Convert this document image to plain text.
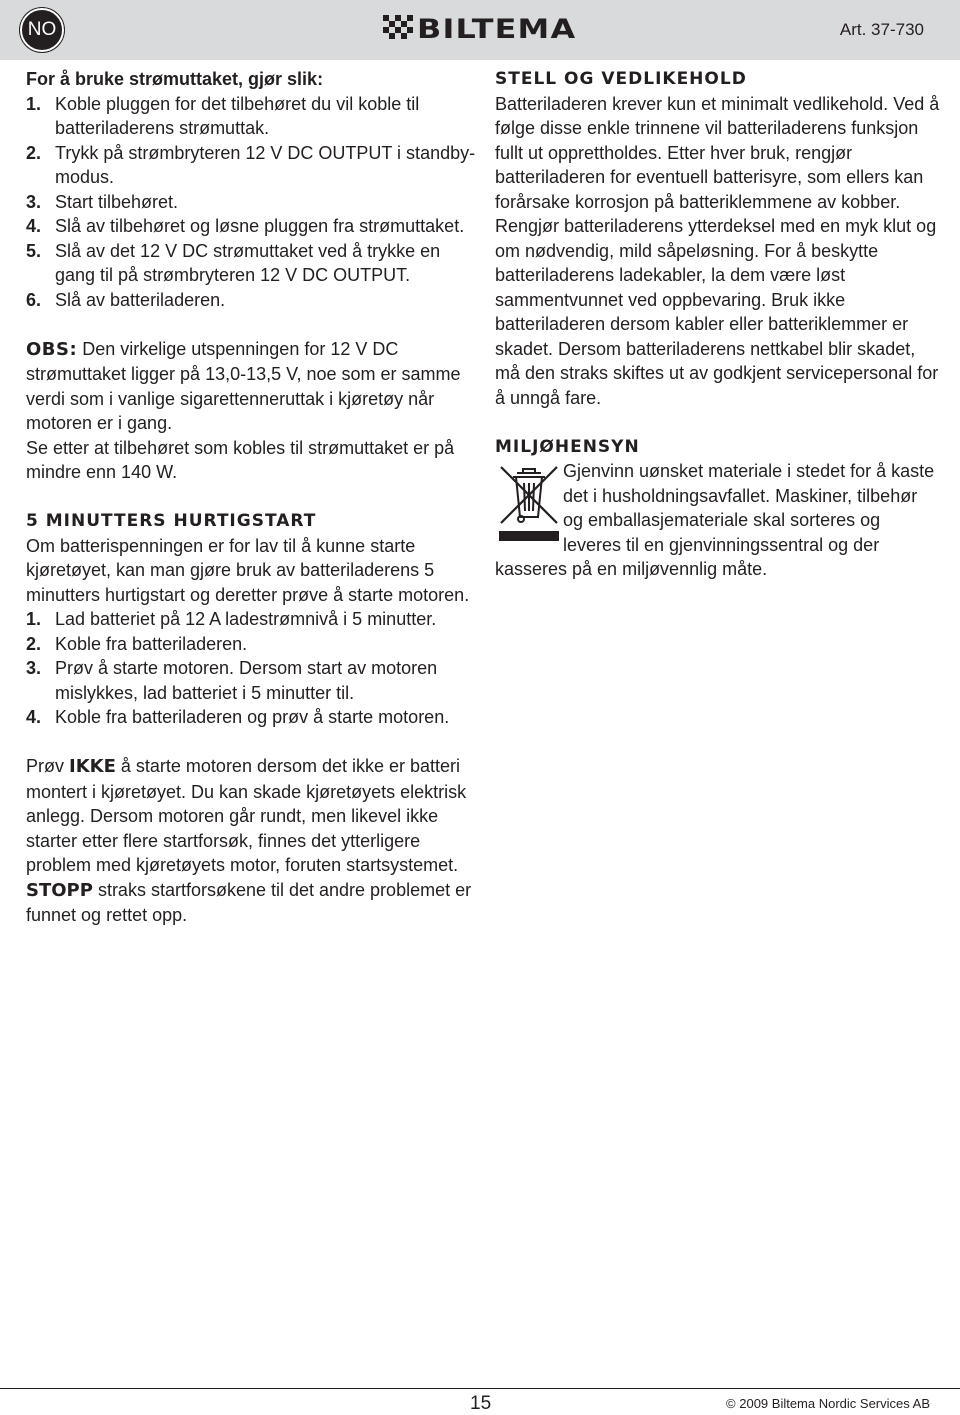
NO	BILTEMA	Art. 37-730

For å bruke strømuttaket, gjør slik:

1. Koble pluggen for det tilbehøret du vil koble til batteriladerens strømuttak.
2. Trykk på strømbryteren 12 V DC OUTPUT i standby-modus.
3. Start tilbehøret.
4. Slå av tilbehøret og løsne pluggen fra strømuttaket.
5. Slå av det 12 V DC strømuttaket ved å trykke en gang til på strømbryteren 12 V DC OUTPUT.
6. Slå av batteriladeren.

OBS: Den virkelige utspenningen for 12 V DC strømuttaket ligger på 13,0-13,5 V, noe som er samme verdi som i vanlige sigarettenneruttak i kjøretøy når motoren er i gang.

Se etter at tilbehøret som kobles til strømuttaket er på mindre enn 140 W.

5 MINUTTERS HURTIGSTART

Om batterispenningen er for lav til å kunne starte kjøretøyet, kan man gjøre bruk av batteriladerens 5 minutters hurtigstart og deretter prøve å starte motoren.

1. Lad batteriet på 12 A ladestrømnivå i 5 minutter.
2. Koble fra batteriladeren.
3. Prøv å starte motoren. Dersom start av motoren mislykkes, lad batteriet i 5 minutter til.
4. Koble fra batteriladeren og prøv å starte motoren.

Prøv IKKE å starte motoren dersom det ikke er batteri montert i kjøretøyet. Du kan skade kjøretøyets elektrisk anlegg. Dersom motoren går rundt, men likevel ikke starter etter flere startforsøk, finnes det ytterligere problem med kjøretøyets motor, foruten startsystemet. STOPP straks startforsøkene til det andre problemet er funnet og rettet opp.

STELL OG VEDLIKEHOLD

Batteriladeren krever kun et minimalt vedlikehold. Ved å følge disse enkle trinnene vil batteriladerens funksjon fullt ut opprettholdes. Etter hver bruk, rengjør batteriladeren for eventuell batterisyre, som ellers kan forårsake korrosjon på batteriklemmene av kobber. Rengjør batteriladerens ytterdeksel med en myk klut og om nødvendig, mild såpeløsning. For å beskytte batteriladerens ladekabler, la dem være løst sammentvunnet ved oppbevaring. Bruk ikke batteriladeren dersom kabler eller batteriklemmer er skadet. Dersom batteriladerens nettkabel blir skadet, må den straks skiftes ut av godkjent servicepersonal for å unngå fare.

MILJØHENSYN

Gjenvinn uønsket materiale i stedet for å kaste det i husholdningsavfallet. Maskiner, tilbehør og emballasjemateriale skal sorteres og leveres til en gjenvinningssentral og der kasseres på en miljøvennlig måte.

15	© 2009 Biltema Nordic Services AB
